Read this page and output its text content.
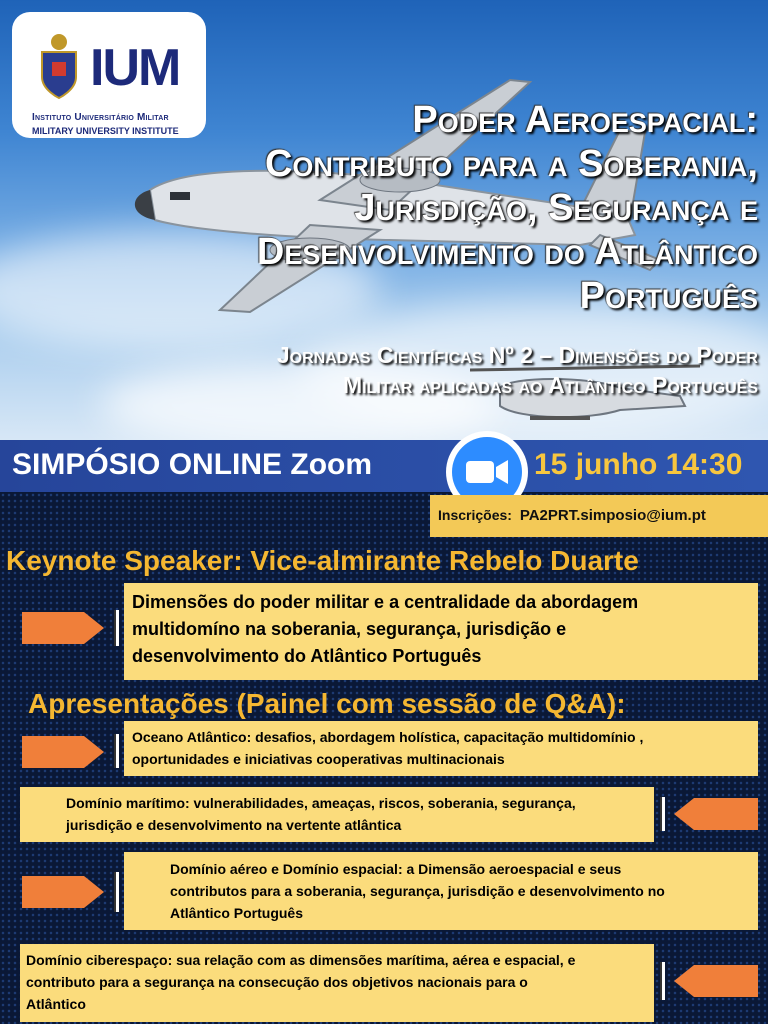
IUM
Instituto Universitário Militar
MILITARY UNIVERSITY INSTITUTE	Poder Aeroespacial:
Contributo para a Soberania,
Jurisdição, Segurança e
Desenvolvimento do Atlântico
Português
Jornadas Científicas Nº 2 – Dimensões do Poder
Militar aplicadas ao Atlântico Português
SIMPÓSIO ONLINE Zoom	15 junho 14:30
Inscrições: PA2PRT.simposio@ium.pt
Keynote Speaker: Vice-almirante Rebelo Duarte
Dimensões do poder militar e a centralidade da abordagem
multidomíno na soberania, segurança, jurisdição e
desenvolvimento do Atlântico Português
Apresentações (Painel com sessão de Q&A):
Oceano Atlântico: desafios, abordagem holística, capacitação multidomínio ,
oportunidades e iniciativas cooperativas multinacionais
Domínio marítimo: vulnerabilidades, ameaças, riscos, soberania, segurança,
jurisdição e desenvolvimento na vertente atlântica
Domínio aéreo e Domínio espacial: a Dimensão aeroespacial e seus
contributos para a soberania, segurança, jurisdição e desenvolvimento no
Atlântico Português
Domínio ciberespaço: sua relação com as dimensões marítima, aérea e espacial, e
contributo para a segurança na consecução dos objetivos nacionais para o
Atlântico
